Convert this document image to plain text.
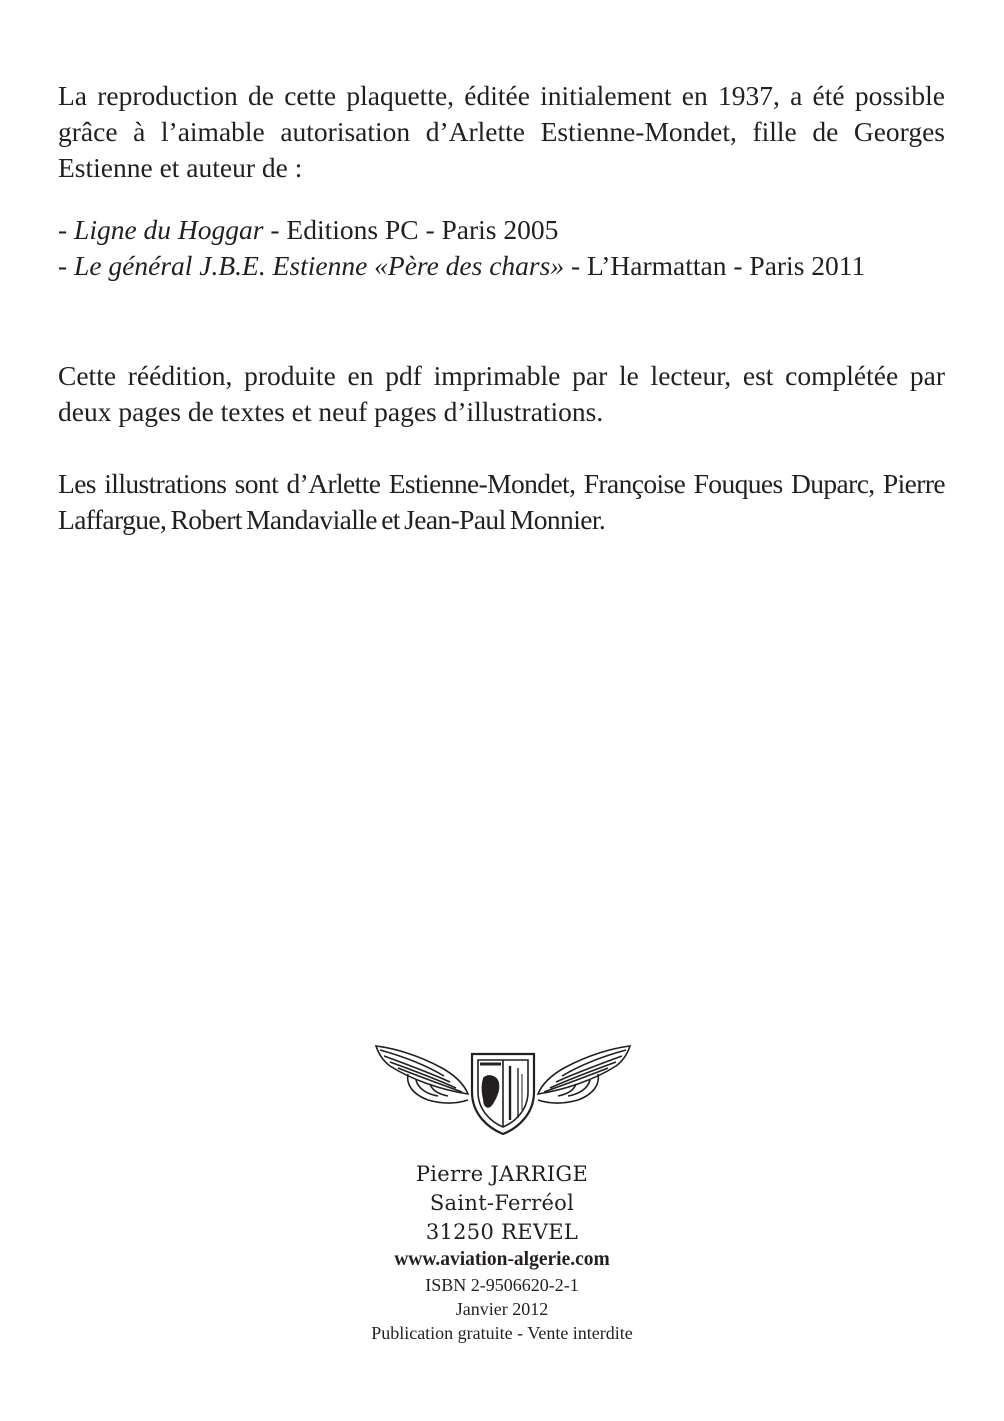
La reproduction de cette plaquette, éditée initialement en 1937, a été possible grâce à l’aimable autorisation d’Arlette Estienne-Mondet, fille de Georges Estienne et auteur de :

- Ligne du Hoggar - Editions PC - Paris 2005
- Le général J.B.E. Estienne «Père des chars» - L’Harmattan - Paris 2011

Cette réédition, produite en pdf imprimable par le lecteur, est complétée par deux pages de textes et neuf pages d’illustrations.

Les illustrations sont d’Arlette Estienne-Mondet, Françoise Fouques Duparc, Pierre Laffargue, Robert Mandavialle et Jean-Paul Monnier.

Pierre JARRIGE
Saint-Ferréol
31250 REVEL
www.aviation-algerie.com
ISBN 2-9506620-2-1
Janvier 2012
Publication gratuite - Vente interdite
